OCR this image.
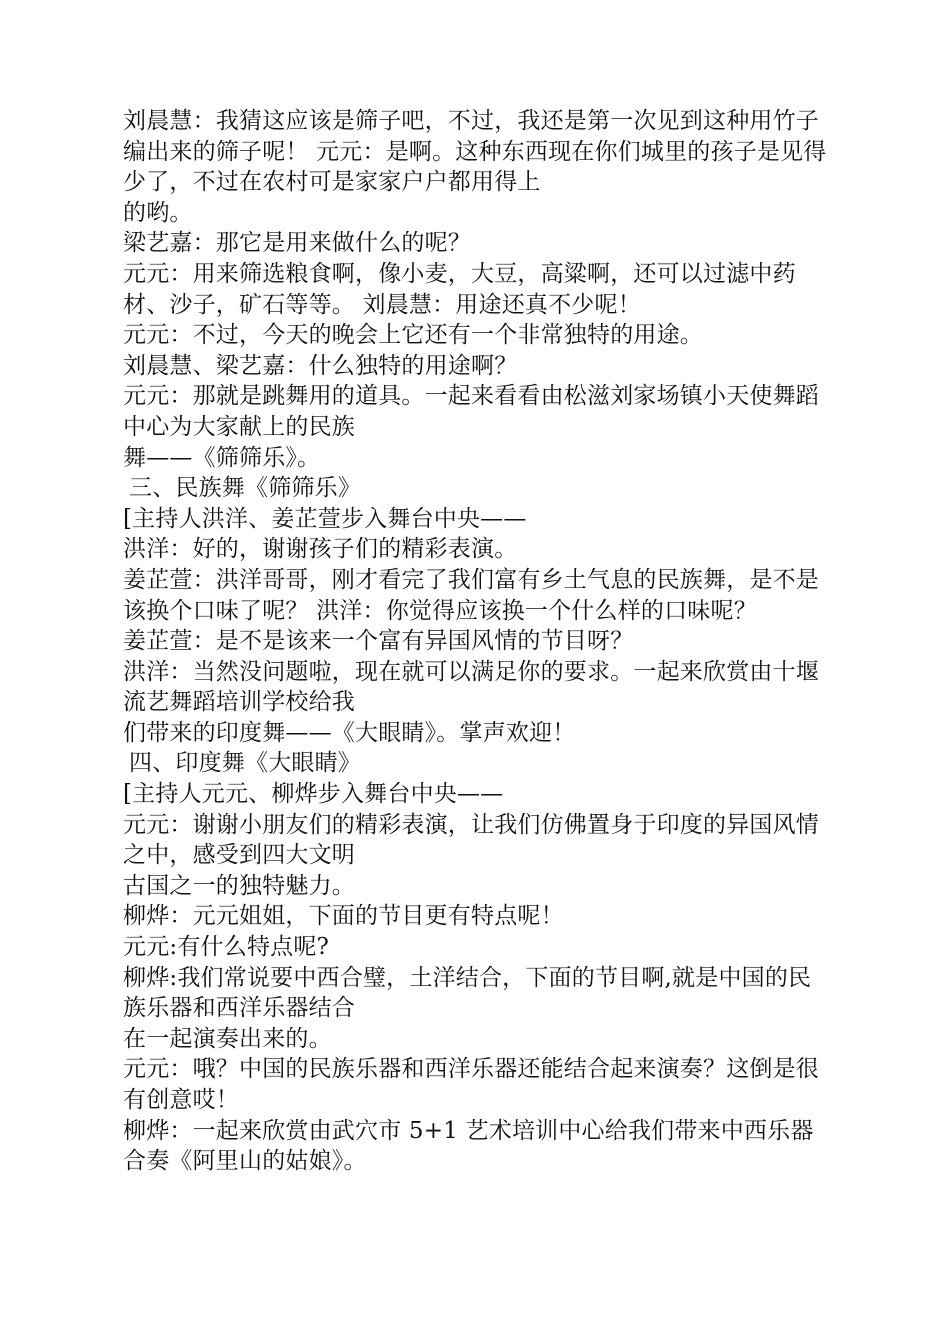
刘晨慧：我猜这应该是筛子吧，不过，我还是第一次见到这种用竹子编出来的筛子呢！ 元元：是啊。这种东西现在你们城里的孩子是见得少了，不过在农村可是家家户户都用得上

的哟。

梁艺嘉：那它是用来做什么的呢？

元元：用来筛选粮食啊，像小麦，大豆，高粱啊，还可以过滤中药材、沙子，矿石等等。 刘晨慧：用途还真不少呢！

元元：不过，今天的晚会上它还有一个非常独特的用途。

刘晨慧、梁艺嘉：什么独特的用途啊？

元元：那就是跳舞用的道具。一起来看看由松滋刘家场镇小天使舞蹈中心为大家献上的民族

舞——《筛筛乐》。

三、民族舞《筛筛乐》

[主持人洪洋、姜芷萱步入舞台中央——

洪洋：好的，谢谢孩子们的精彩表演。

姜芷萱：洪洋哥哥，刚才看完了我们富有乡土气息的民族舞，是不是该换个口味了呢？ 洪洋：你觉得应该换一个什么样的口味呢？

姜芷萱：是不是该来一个富有异国风情的节目呀？

洪洋：当然没问题啦，现在就可以满足你的要求。一起来欣赏由十堰流艺舞蹈培训学校给我

们带来的印度舞——《大眼睛》。掌声欢迎！

四、印度舞《大眼睛》

[主持人元元、柳烨步入舞台中央——

元元：谢谢小朋友们的精彩表演，让我们仿佛置身于印度的异国风情之中，感受到四大文明

古国之一的独特魅力。

柳烨：元元姐姐，下面的节目更有特点呢！

元元:有什么特点呢?

柳烨:我们常说要中西合璧，土洋结合，下面的节目啊,就是中国的民族乐器和西洋乐器结合

在一起演奏出来的。

元元：哦？中国的民族乐器和西洋乐器还能结合起来演奏？这倒是很有创意哎！

柳烨：一起来欣赏由武穴市 5+1 艺术培训中心给我们带来中西乐器合奏《阿里山的姑娘》。
